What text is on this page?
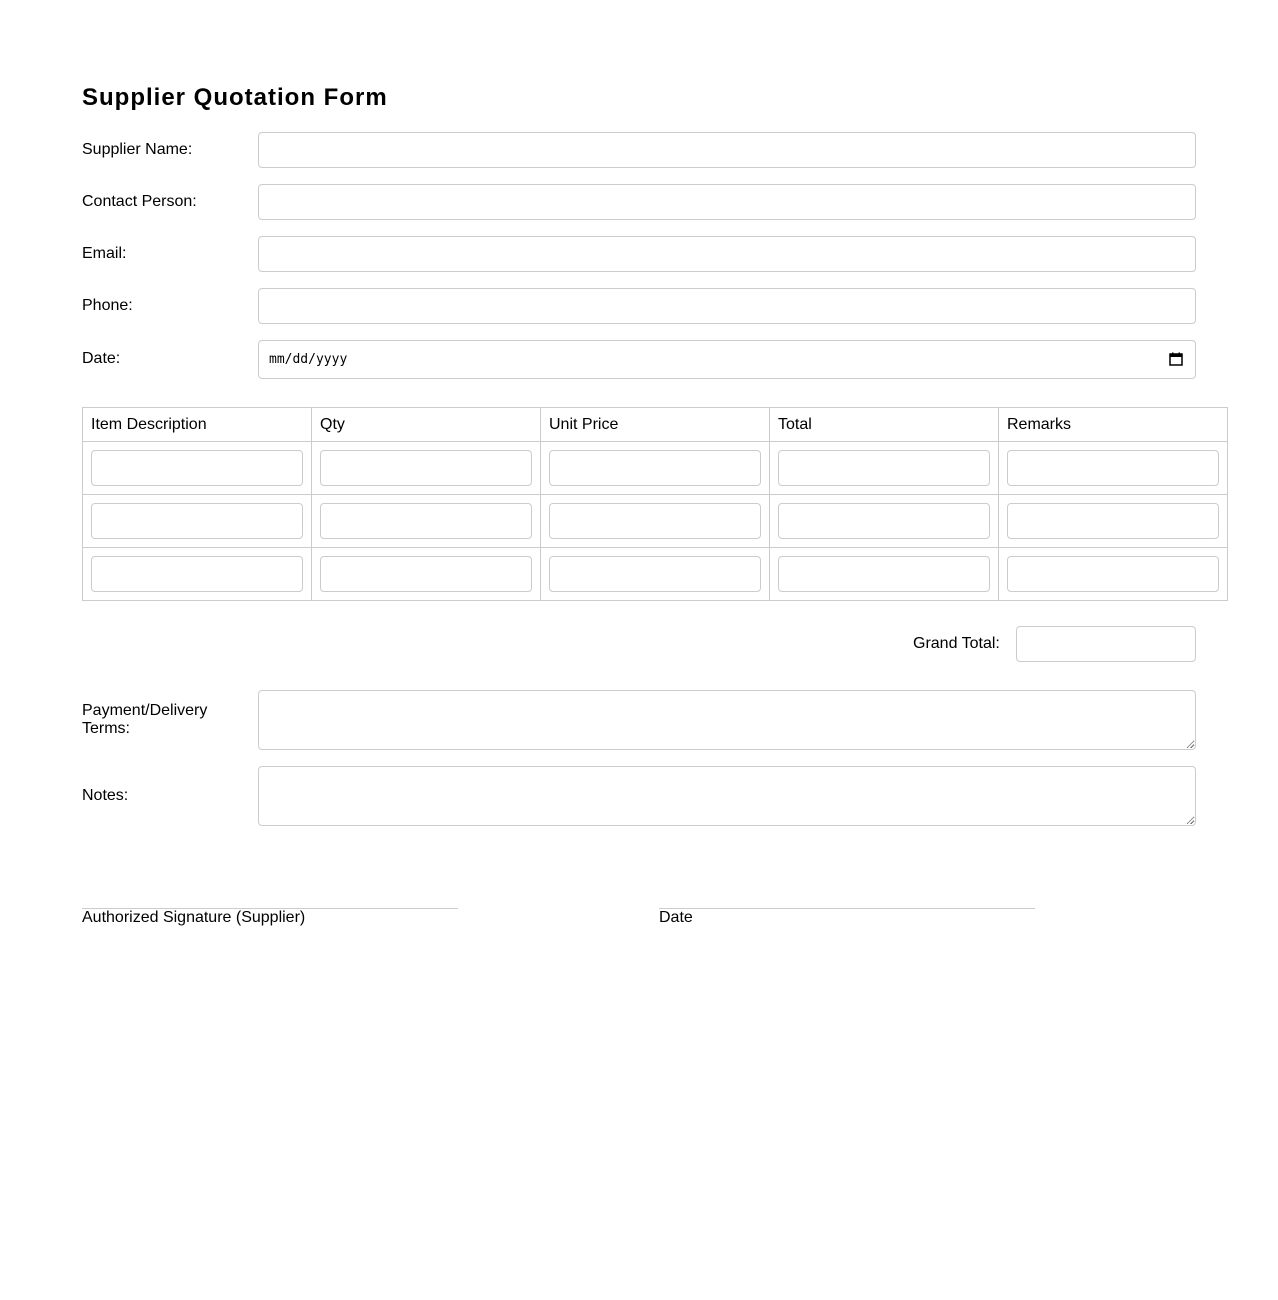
Supplier Quotation Form
Supplier Name:
Contact Person:
Email:
Phone:
Date:	mm/dd/yyyy
Item Description	Qty	Unit Price	Total	Remarks

Grand Total:
Payment/Delivery
Terms:
Notes:
Authorized Signature (Supplier)	Date
